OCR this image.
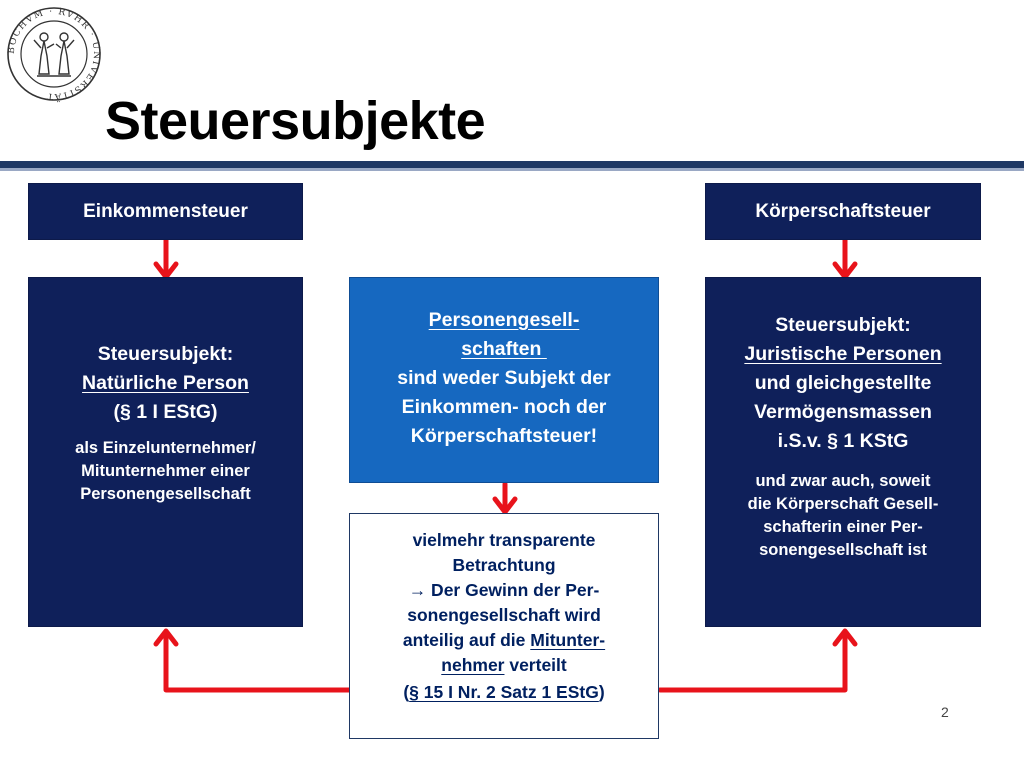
BOCHVM · RVHR · UNIVERSITÄT Steuersubjekte
Einkommensteuer	Körperschaftsteuer
Steuersubjekt:
Natürliche Person
(§ 1 I EStG)
als Einzelunternehmer/
Mitunternehmer einer
Personengesellschaft
Personengesell-
schaften
sind weder Subjekt der
Einkommen- noch der
Körperschaftsteuer!
vielmehr transparente
Betrachtung
→ Der Gewinn der Per-
sonengesellschaft wird
anteilig auf die Mitunter-
nehmer verteilt
(§ 15 I Nr. 2 Satz 1 EStG)
Steuersubjekt:
Juristische Personen
und gleichgestellte
Vermögensmassen
i.S.v. § 1 KStG
und zwar auch, soweit
die Körperschaft Gesell-
schafterin einer Per-
sonengesellschaft ist
2
